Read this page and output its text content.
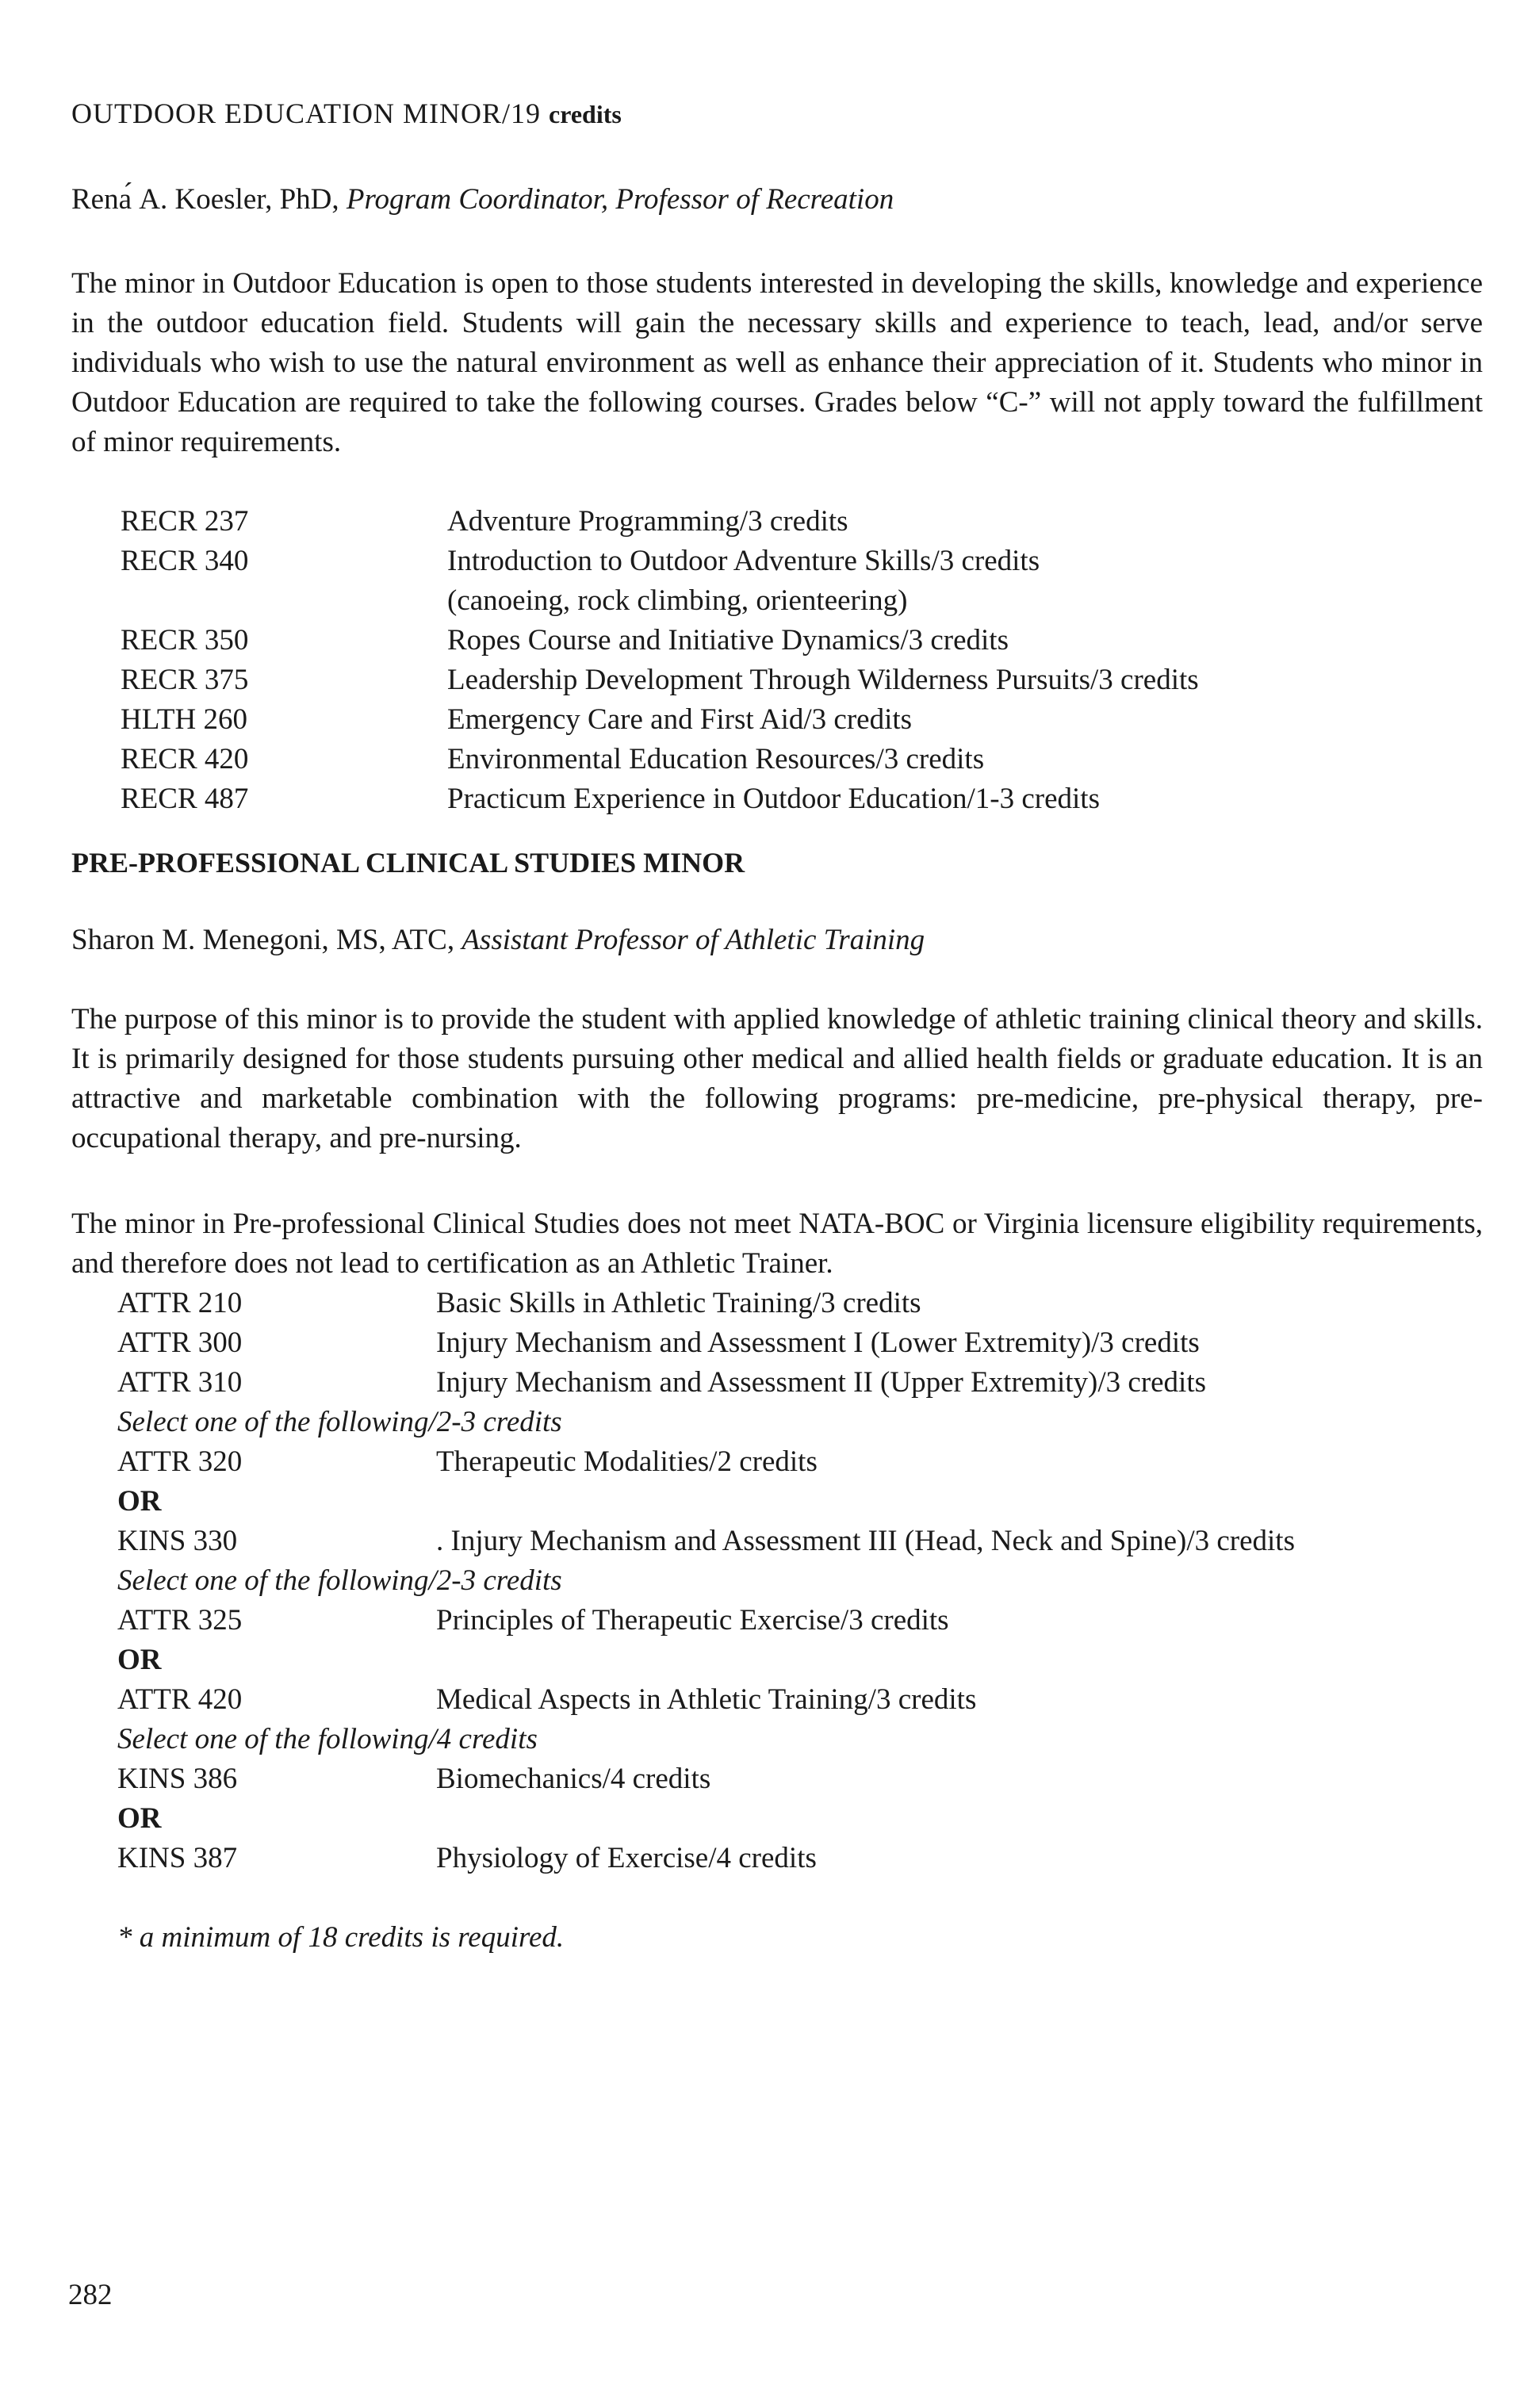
OUTDOOR EDUCATION MINOR/19 credits

Renа́ A. Koesler, PhD, Program Coordinator, Professor of Recreation

The minor in Outdoor Education is open to those students interested in developing the skills, knowledge and experience in the outdoor education field. Students will gain the necessary skills and experience to teach, lead, and/or serve individuals who wish to use the natural environment as well as enhance their appreciation of it. Students who minor in Outdoor Education are required to take the following courses. Grades below “C-” will not apply toward the fulfillment of minor requirements.

RECR 237	Adventure Programming/3 credits
RECR 340	Introduction to Outdoor Adventure Skills/3 credits
(canoeing, rock climbing, orienteering)
RECR 350	Ropes Course and Initiative Dynamics/3 credits
RECR 375	Leadership Development Through Wilderness Pursuits/3 credits
HLTH 260	Emergency Care and First Aid/3 credits
RECR 420	Environmental Education Resources/3 credits
RECR 487	Practicum Experience in Outdoor Education/1-3 credits

PRE-PROFESSIONAL CLINICAL STUDIES MINOR

Sharon M. Menegoni, MS, ATC, Assistant Professor of Athletic Training

The purpose of this minor is to provide the student with applied knowledge of athletic training clinical theory and skills. It is primarily designed for those students pursuing other medical and allied health fields or graduate education. It is an attractive and marketable combination with the following programs: pre-medicine, pre-physical therapy, pre-occupational therapy, and pre-nursing.

The minor in Pre-professional Clinical Studies does not meet NATA-BOC or Virginia licensure eligibility requirements, and therefore does not lead to certification as an Athletic Trainer.

ATTR 210	Basic Skills in Athletic Training/3 credits
ATTR 300	Injury Mechanism and Assessment I (Lower Extremity)/3 credits
ATTR 310	Injury Mechanism and Assessment II (Upper Extremity)/3 credits
Select one of the following/2-3 credits
ATTR 320	Therapeutic Modalities/2 credits
OR
KINS 330	. Injury Mechanism and Assessment III (Head, Neck and Spine)/3 credits
Select one of the following/2-3 credits
ATTR 325	Principles of Therapeutic Exercise/3 credits
OR
ATTR 420	Medical Aspects in Athletic Training/3 credits
Select one of the following/4 credits
KINS 386	Biomechanics/4 credits
OR
KINS 387	Physiology of Exercise/4 credits
* a minimum of 18 credits is required.
282
